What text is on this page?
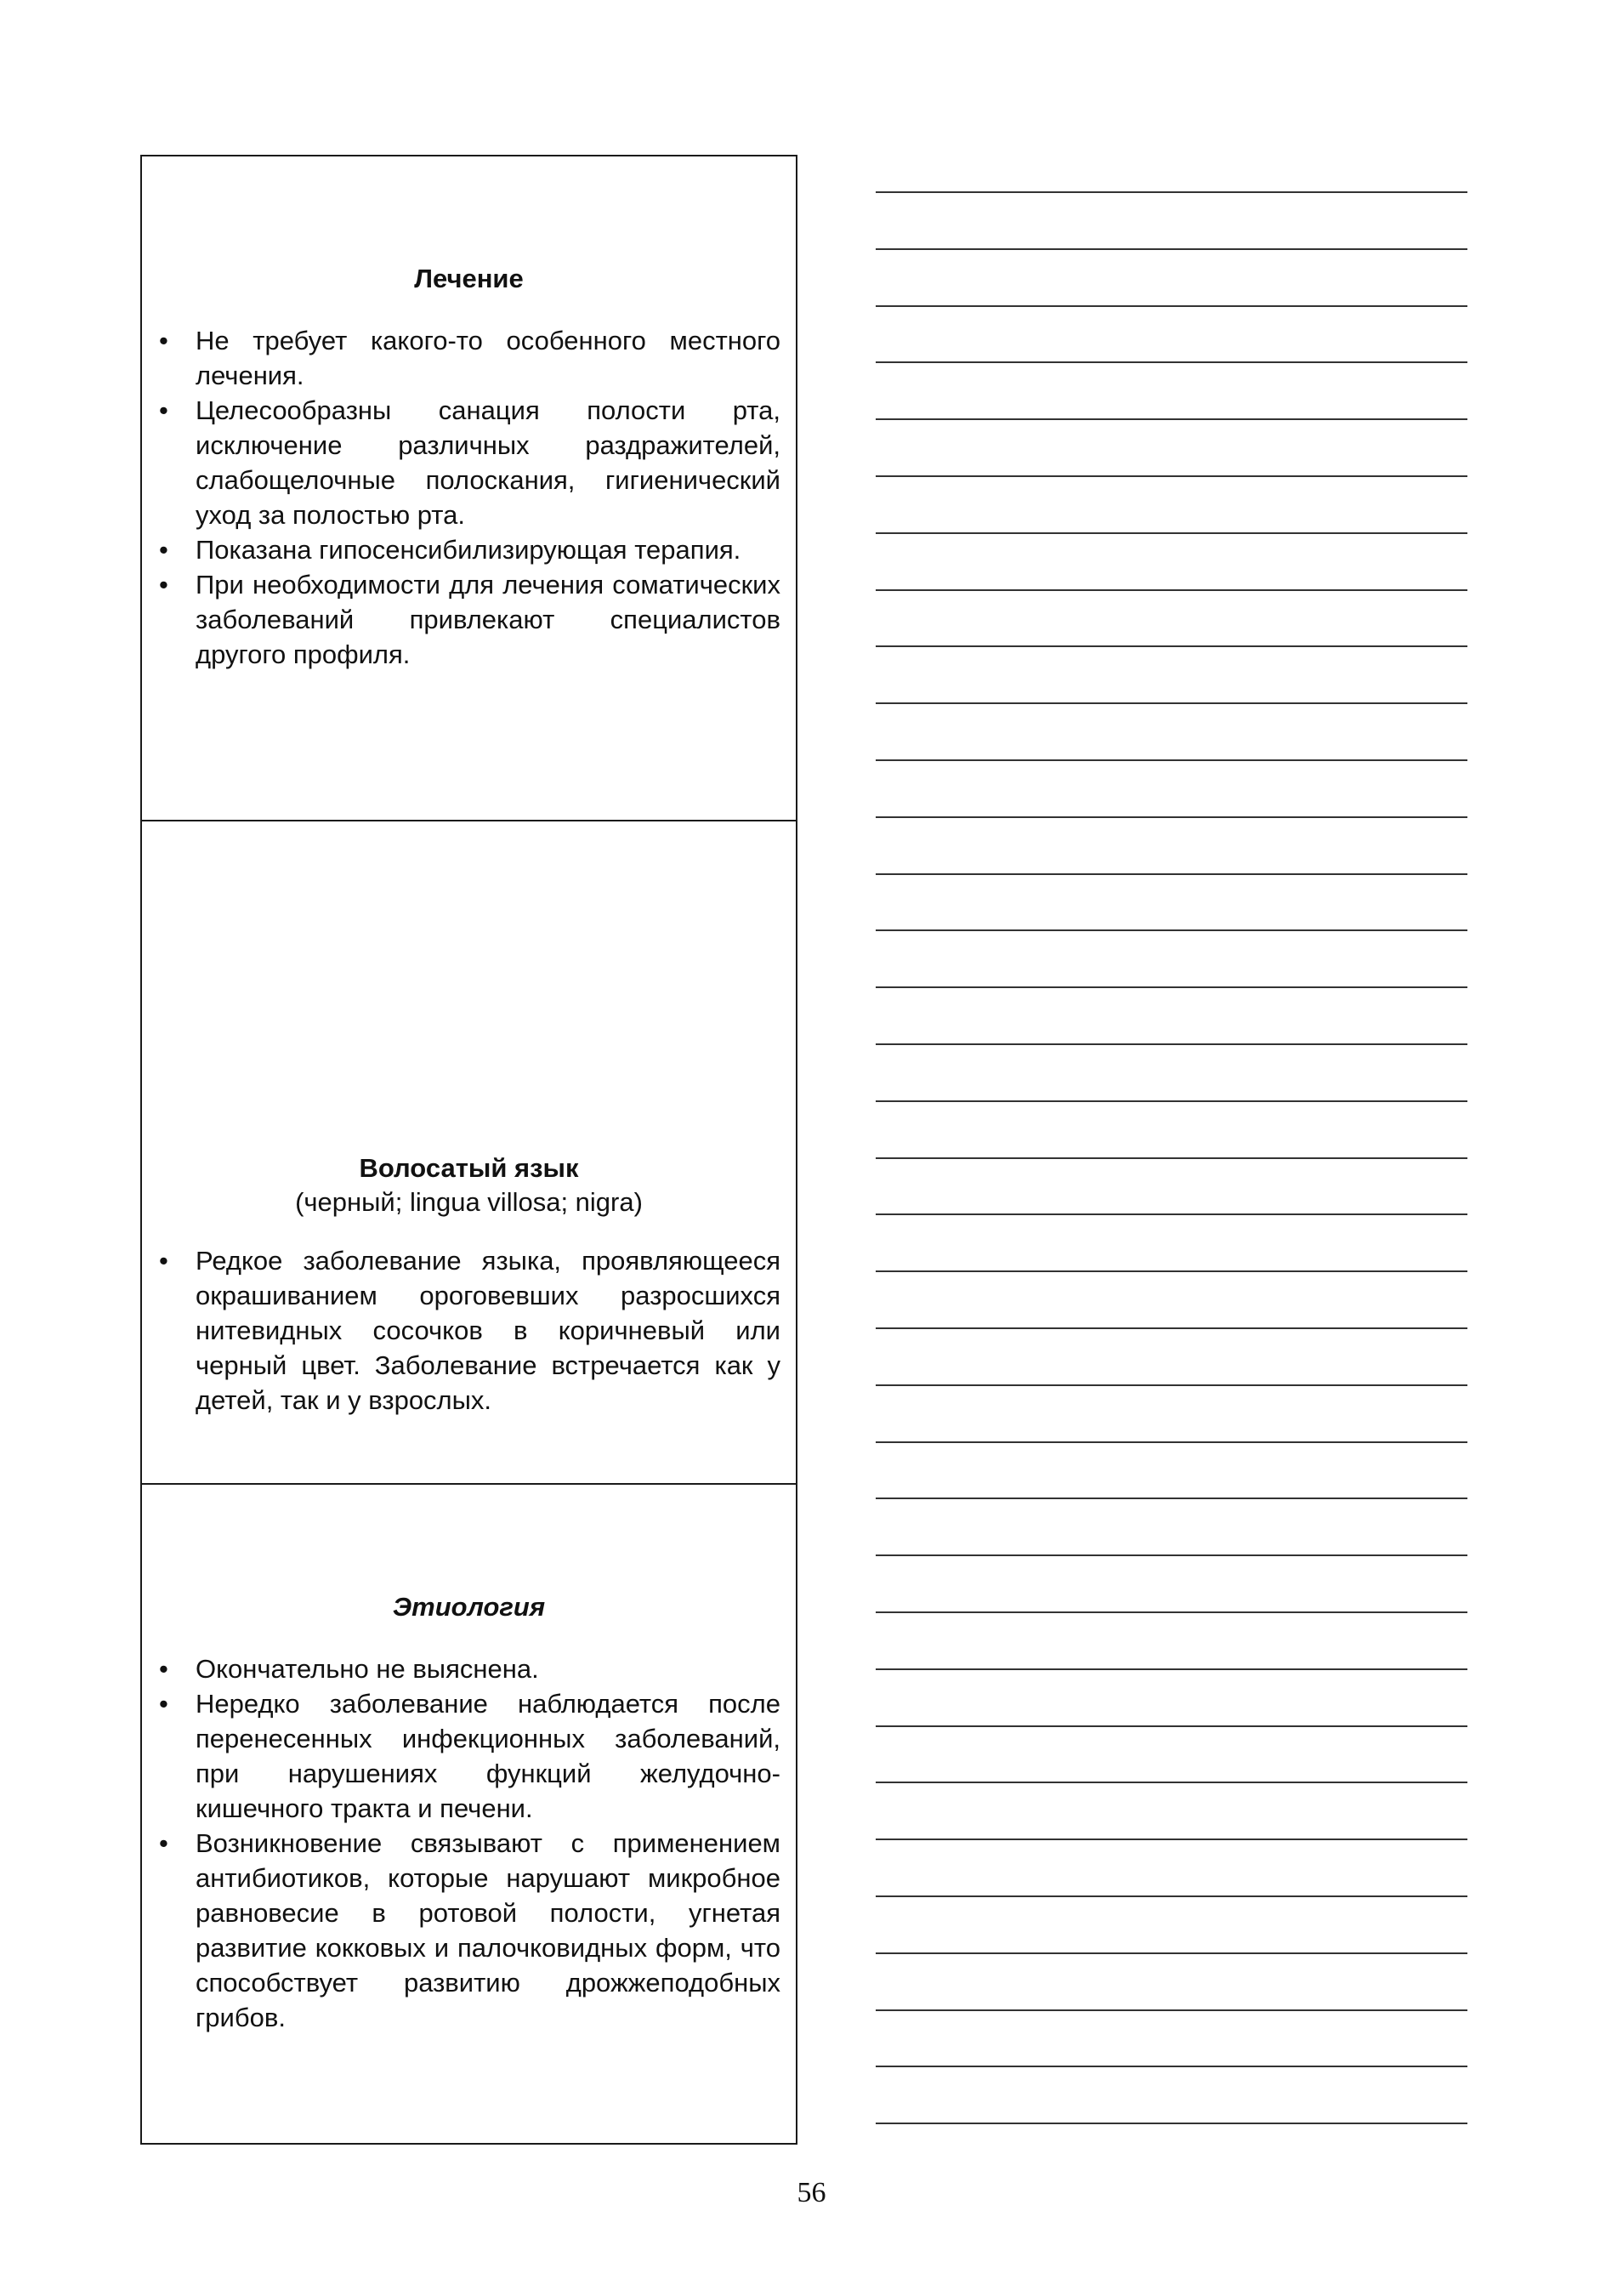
Лечение
• Не требует какого-то особенного местного лечения.
• Целесообразны санация полости рта, исключение различных раздражителей, слабощелочные полоскания, гигиенический уход за полостью рта.
• Показана гипосенсибилизирующая терапия.
• При необходимости для лечения соматических заболеваний привлекают специалистов другого профиля.
Волосатый язык

(черный; lingua villosa; nigra)

• Редкое заболевание языка, проявляющееся окрашиванием ороговевших разросшихся нитевидных сосочков в коричневый или черный цвет. Заболевание встречается как у детей, так и у взрослых.
Этиология
• Окончательно не выяснена.
• Нередко заболевание наблюдается после перенесенных инфекционных заболеваний, при нарушениях функций желудочно-кишечного тракта и печени.
• Возникновение связывают с применением антибиотиков, которые нарушают микробное равновесие в ротовой полости, угнетая развитие кокковых и палочковидных форм, что способствует развитию дрожжеподобных грибов.
56
